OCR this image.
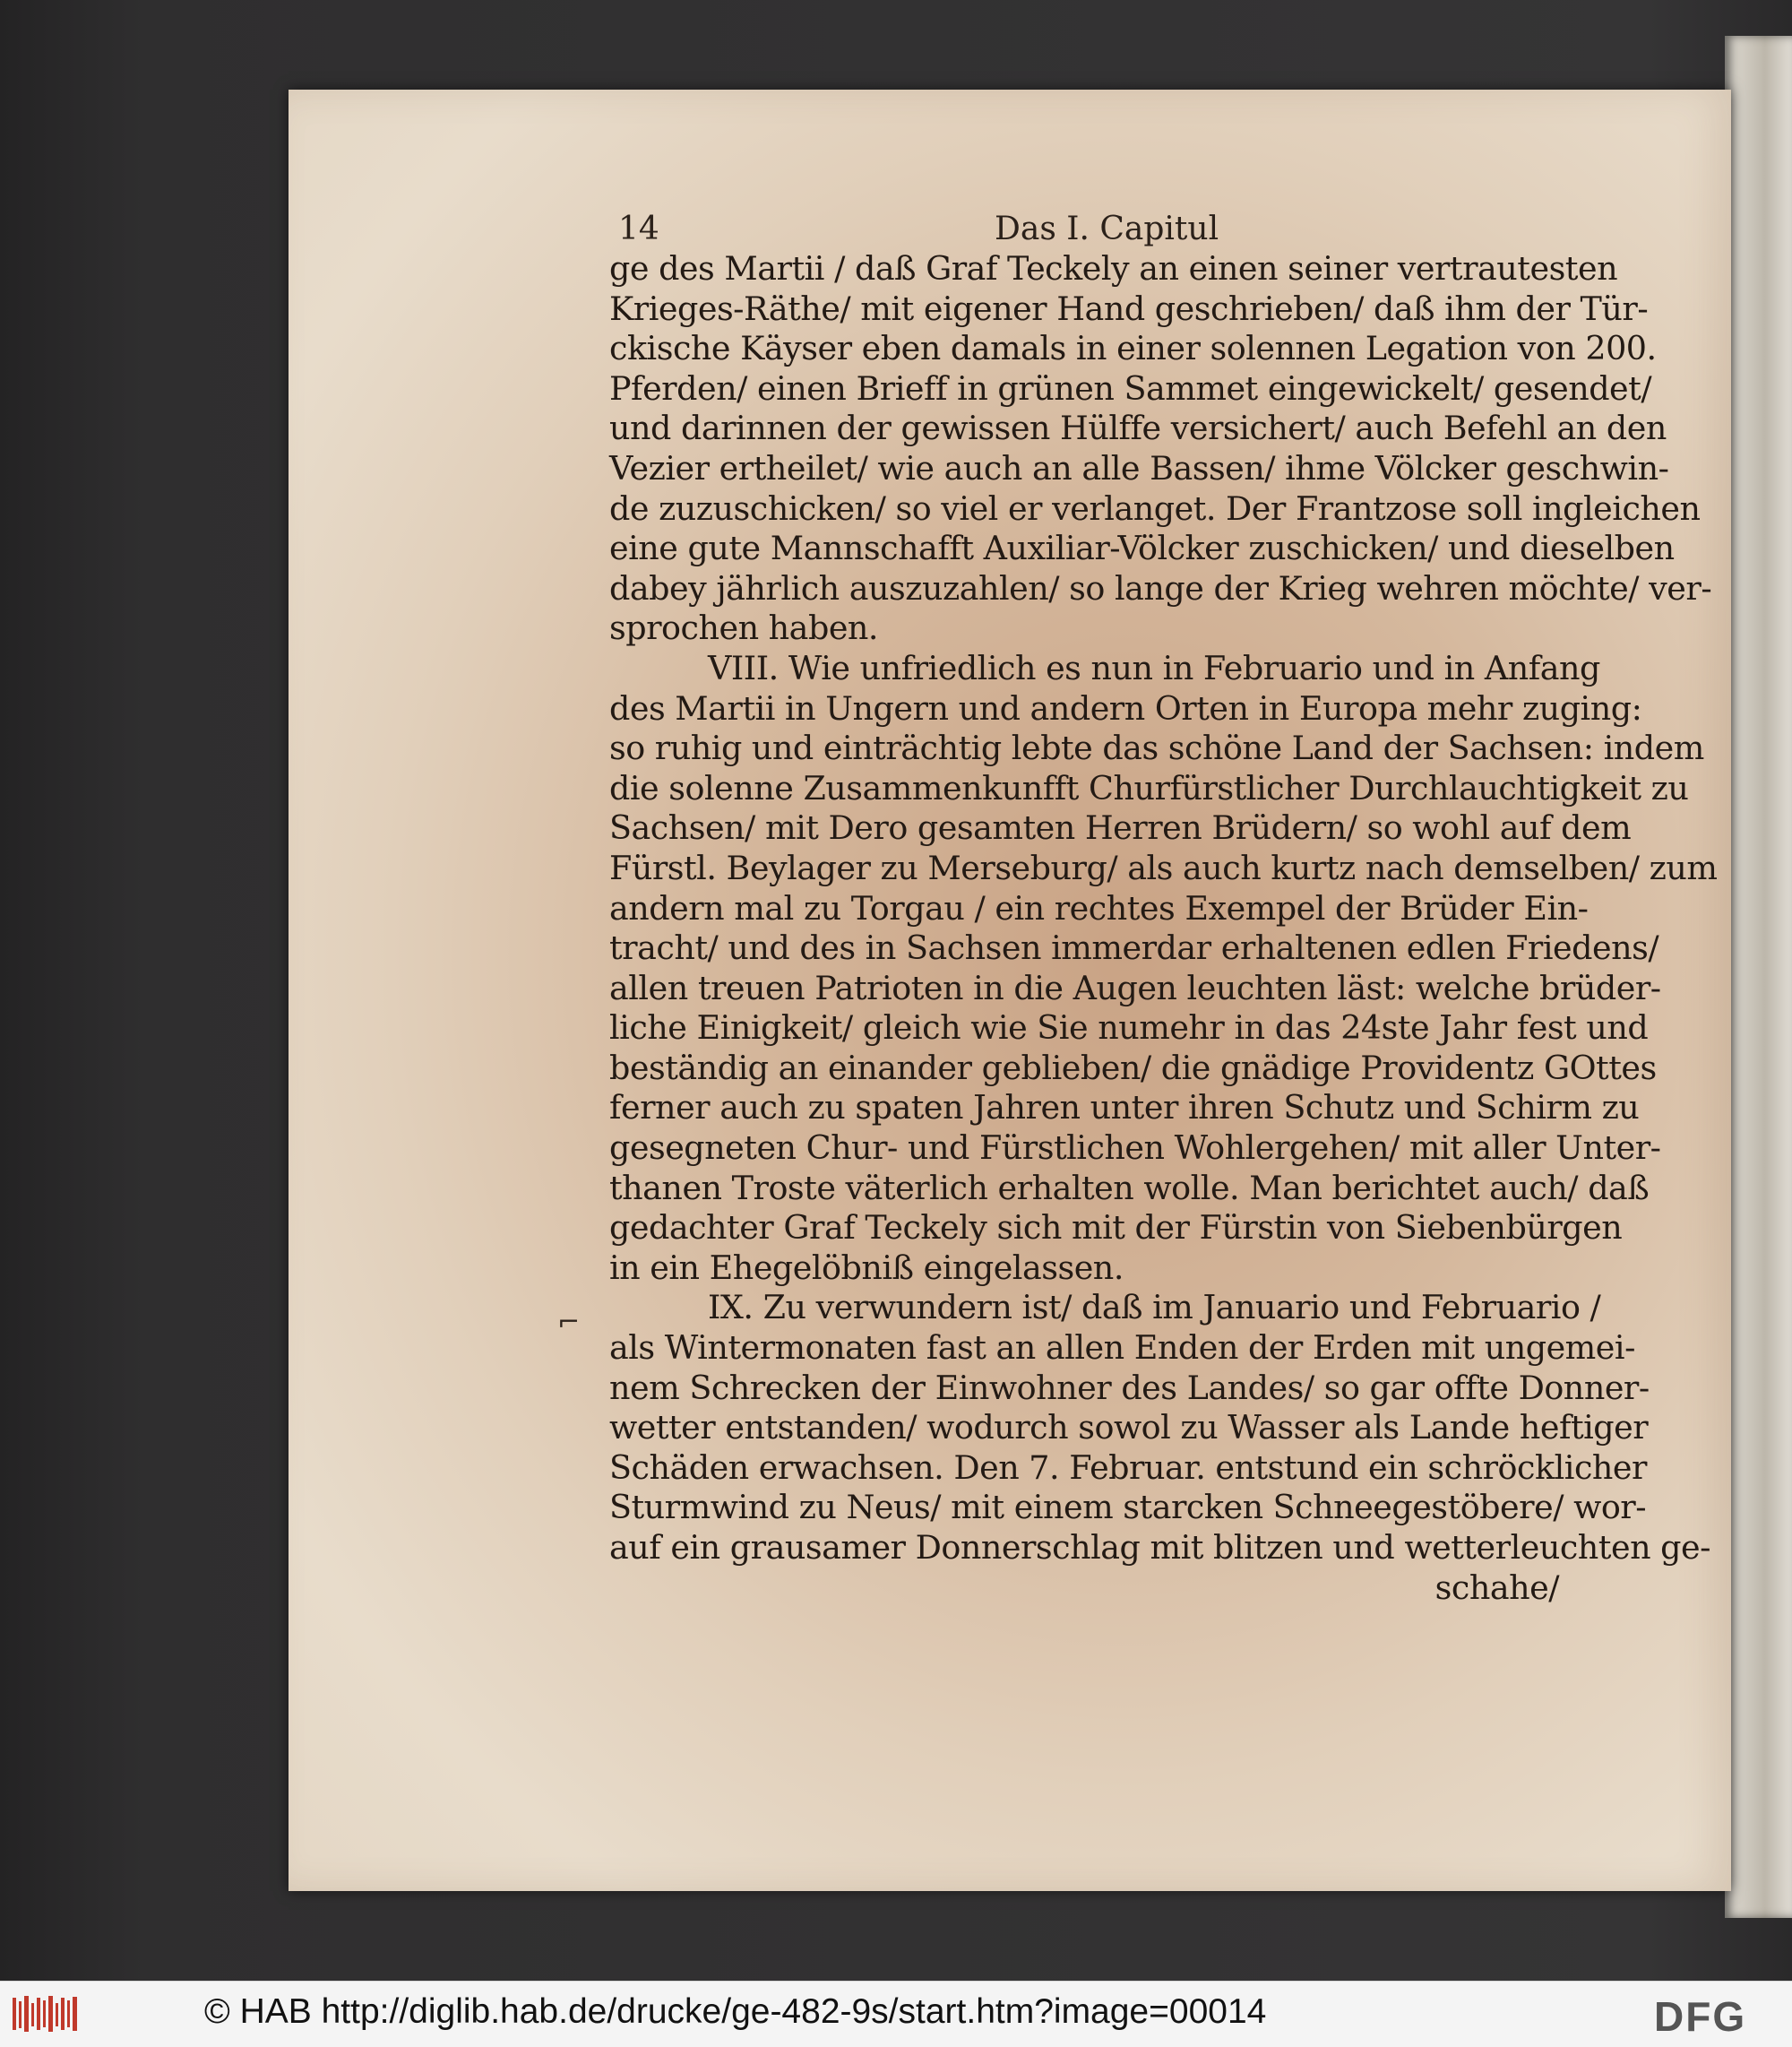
14	Das I. Capitul
⌐
ge des Martii / daß Graf Teckely an einen seiner vertrautesten
Krieges-Räthe/ mit eigener Hand geschrieben/ daß ihm der Tür-
ckische Käyser eben damals in einer solennen Legation von 200.
Pferden/ einen Brieff in grünen Sammet eingewickelt/ gesendet/
und darinnen der gewissen Hülffe versichert/ auch Befehl an den
Vezier ertheilet/ wie auch an alle Bassen/ ihme Völcker geschwin-
de zuzuschicken/ so viel er verlanget. Der Frantzose soll ingleichen
eine gute Mannschafft Auxiliar-Völcker zuschicken/ und dieselben
dabey jährlich auszuzahlen/ so lange der Krieg wehren möchte/ ver-
sprochen haben.
VIII. Wie unfriedlich es nun in Februario und in Anfang
des Martii in Ungern und andern Orten in Europa mehr zuging:
so ruhig und einträchtig lebte das schöne Land der Sachsen: indem
die solenne Zusammenkunfft Churfürstlicher Durchlauchtigkeit zu
Sachsen/ mit Dero gesamten Herren Brüdern/ so wohl auf dem
Fürstl. Beylager zu Merseburg/ als auch kurtz nach demselben/ zum
andern mal zu Torgau / ein rechtes Exempel der Brüder Ein-
tracht/ und des in Sachsen immerdar erhaltenen edlen Friedens/
allen treuen Patrioten in die Augen leuchten läst: welche brüder-
liche Einigkeit/ gleich wie Sie numehr in das 24ste Jahr fest und
beständig an einander geblieben/ die gnädige Providentz GOttes
ferner auch zu spaten Jahren unter ihren Schutz und Schirm zu
gesegneten Chur- und Fürstlichen Wohlergehen/ mit aller Unter-
thanen Troste väterlich erhalten wolle. Man berichtet auch/ daß
gedachter Graf Teckely sich mit der Fürstin von Siebenbürgen
in ein Ehegelöbniß eingelassen.
IX. Zu verwundern ist/ daß im Januario und Februario /
als Wintermonaten fast an allen Enden der Erden mit ungemei-
nem Schrecken der Einwohner des Landes/ so gar offte Donner-
wetter entstanden/ wodurch sowol zu Wasser als Lande heftiger
Schäden erwachsen. Den 7. Februar. entstund ein schröcklicher
Sturmwind zu Neus/ mit einem starcken Schneegestöbere/ wor-
auf ein grausamer Donnerschlag mit blitzen und wetterleuchten ge-
schahe/
© HAB http://diglib.hab.de/drucke/ge-482-9s/start.htm?image=00014	DFG
